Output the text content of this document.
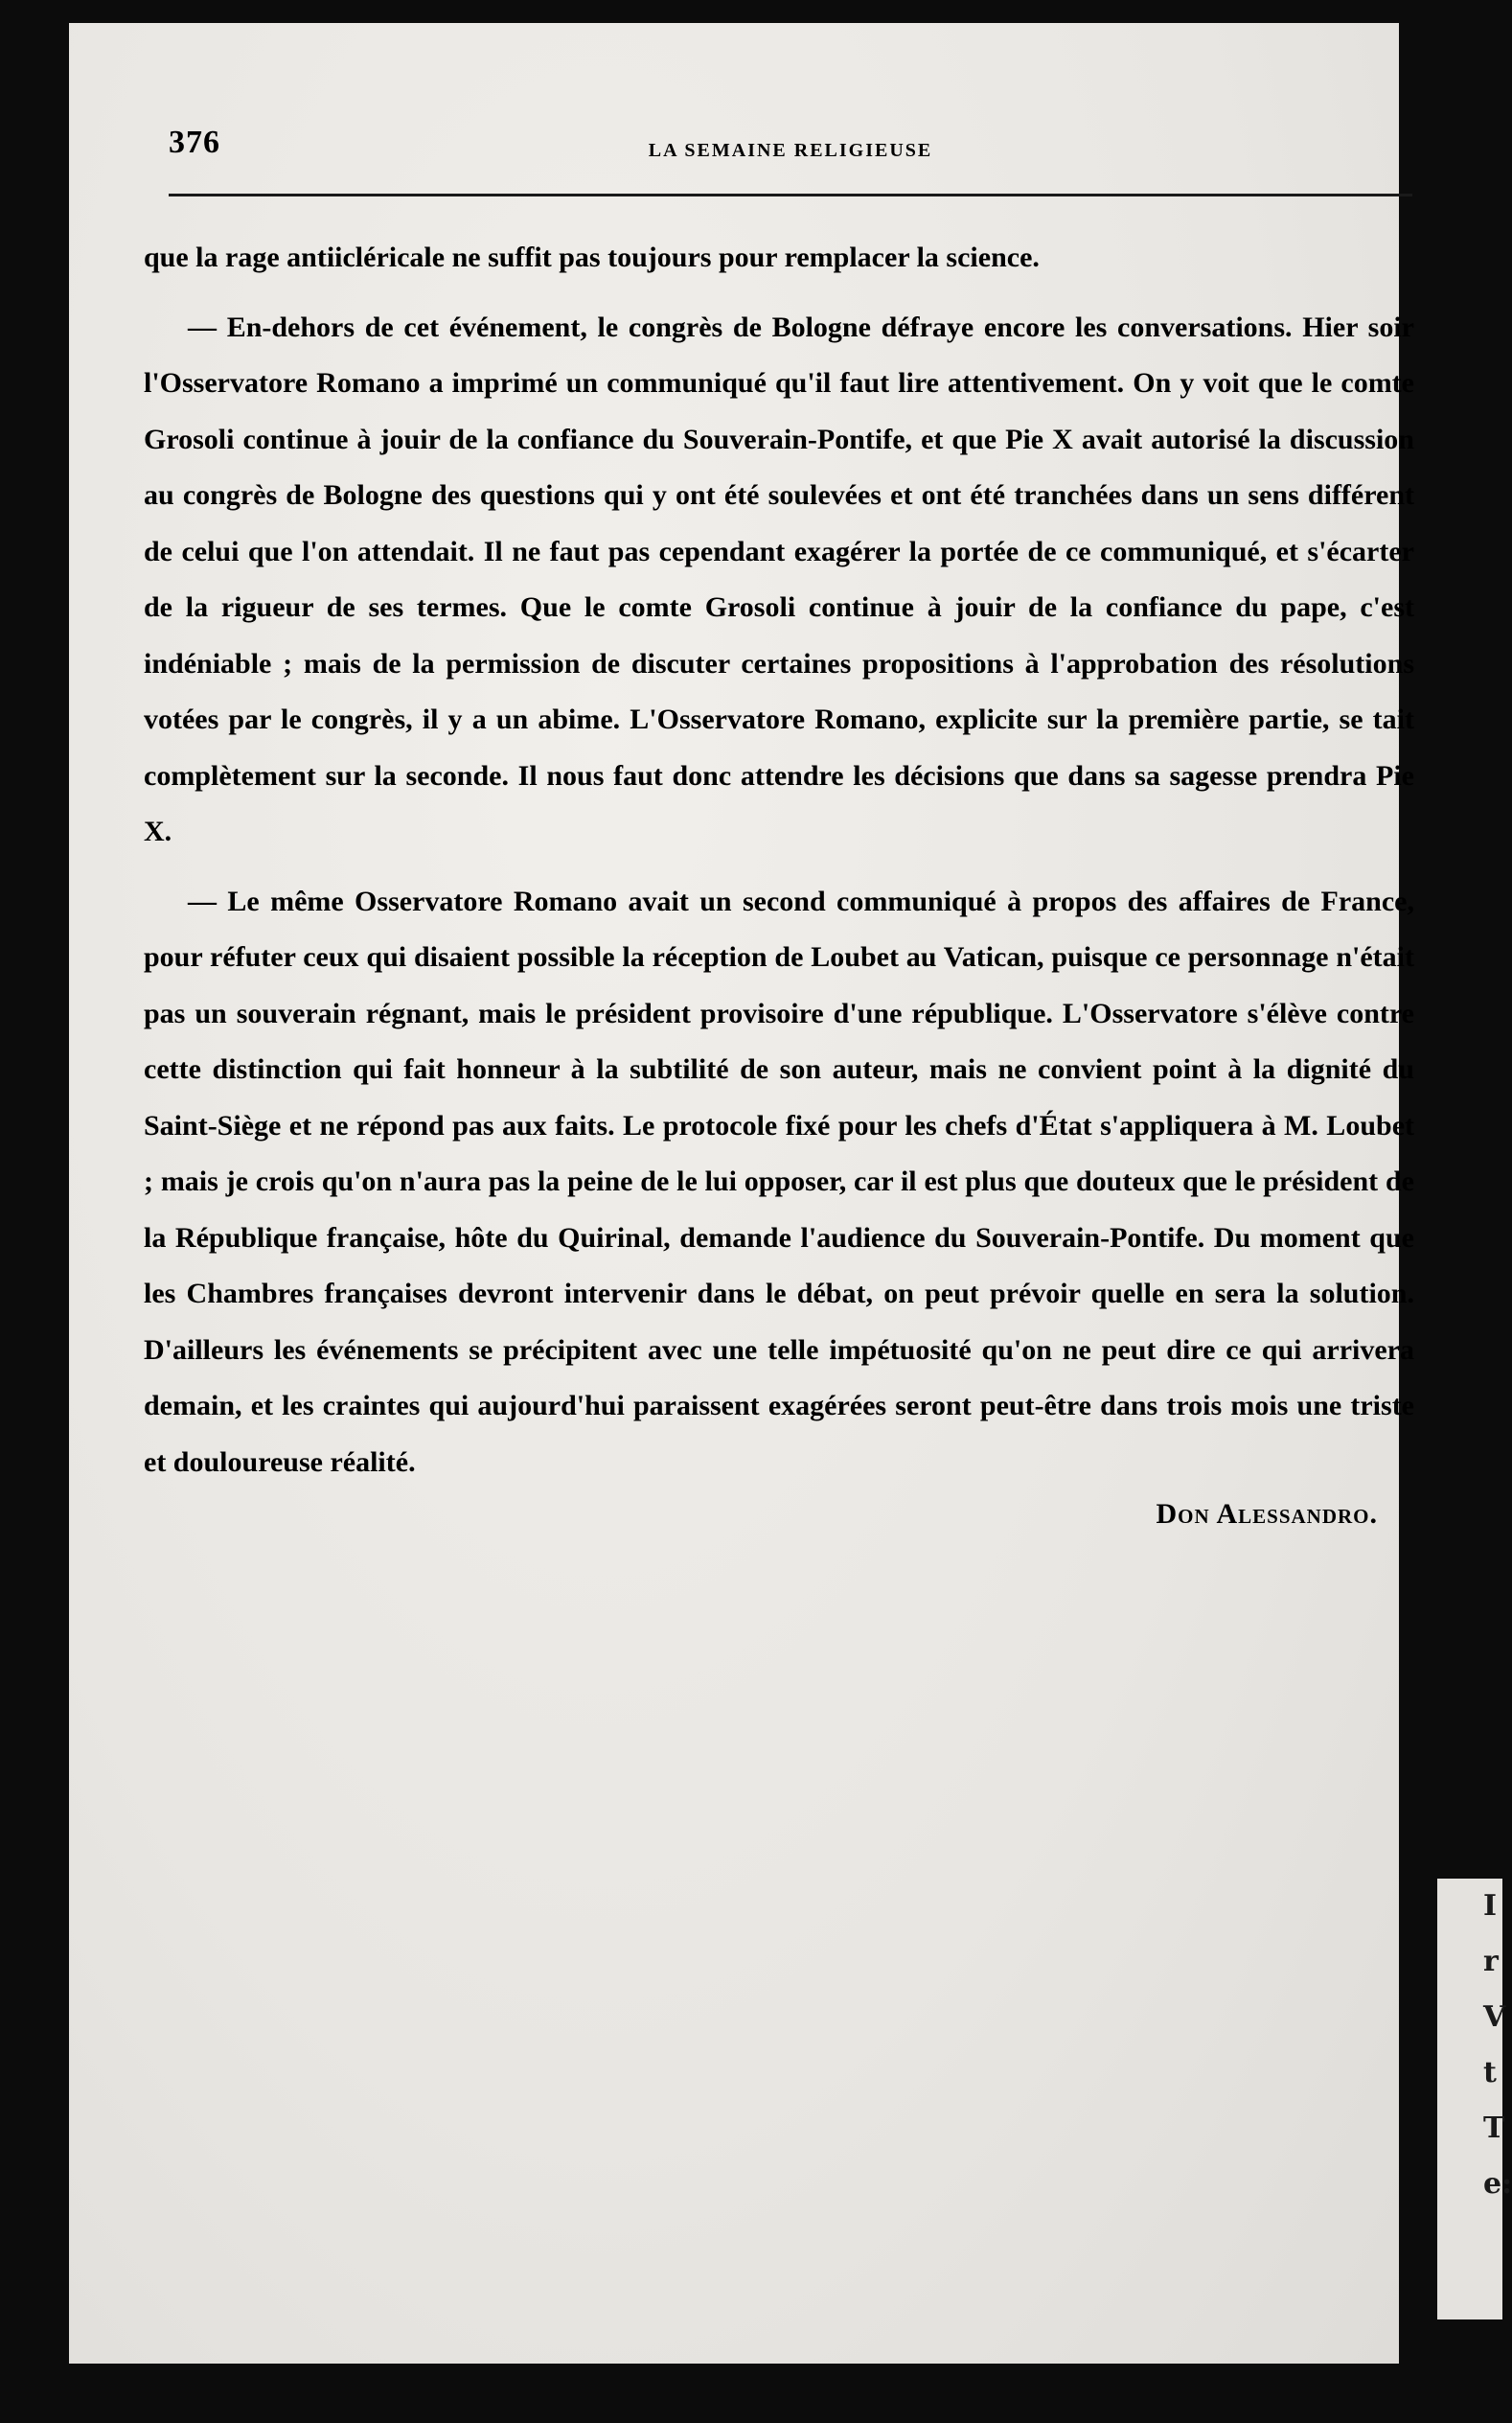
376	LA SEMAINE RELIGIEUSE

que la rage antiicléricale ne suffit pas toujours pour remplacer la science.

— En-dehors de cet événement, le congrès de Bologne défraye encore les conversations. Hier soir l'Osservatore Romano a imprimé un communiqué qu'il faut lire attentivement. On y voit que le comte Grosoli continue à jouir de la confiance du Souverain-Pontife, et que Pie X avait autorisé la discussion au congrès de Bologne des questions qui y ont été soulevées et ont été tranchées dans un sens différent de celui que l'on attendait. Il ne faut pas cependant exagérer la portée de ce communiqué, et s'écarter de la rigueur de ses termes. Que le comte Grosoli continue à jouir de la confiance du pape, c'est indéniable ; mais de la permission de discuter certaines propositions à l'approbation des résolutions votées par le congrès, il y a un abime. L'Osservatore Romano, explicite sur la première partie, se tait complètement sur la seconde. Il nous faut donc attendre les décisions que dans sa sagesse prendra Pie X.

— Le même Osservatore Romano avait un second communiqué à propos des affaires de France, pour réfuter ceux qui disaient possible la réception de Loubet au Vatican, puisque ce personnage n'était pas un souverain régnant, mais le président provisoire d'une république. L'Osservatore s'élève contre cette distinction qui fait honneur à la subtilité de son auteur, mais ne convient point à la dignité du Saint-Siège et ne répond pas aux faits. Le protocole fixé pour les chefs d'État s'appliquera à M. Loubet ; mais je crois qu'on n'aura pas la peine de le lui opposer, car il est plus que douteux que le président de la République française, hôte du Quirinal, demande l'audience du Souverain-Pontife. Du moment que les Chambres françaises devront intervenir dans le débat, on peut prévoir quelle en sera la solution. D'ailleurs les événements se précipitent avec une telle impétuosité qu'on ne peut dire ce qui arrivera demain, et les craintes qui aujourd'hui paraissent exagérées seront peut-être dans trois mois une triste et douloureuse réalité.

Don Alessandro.
I
r
V
t
T
e:
